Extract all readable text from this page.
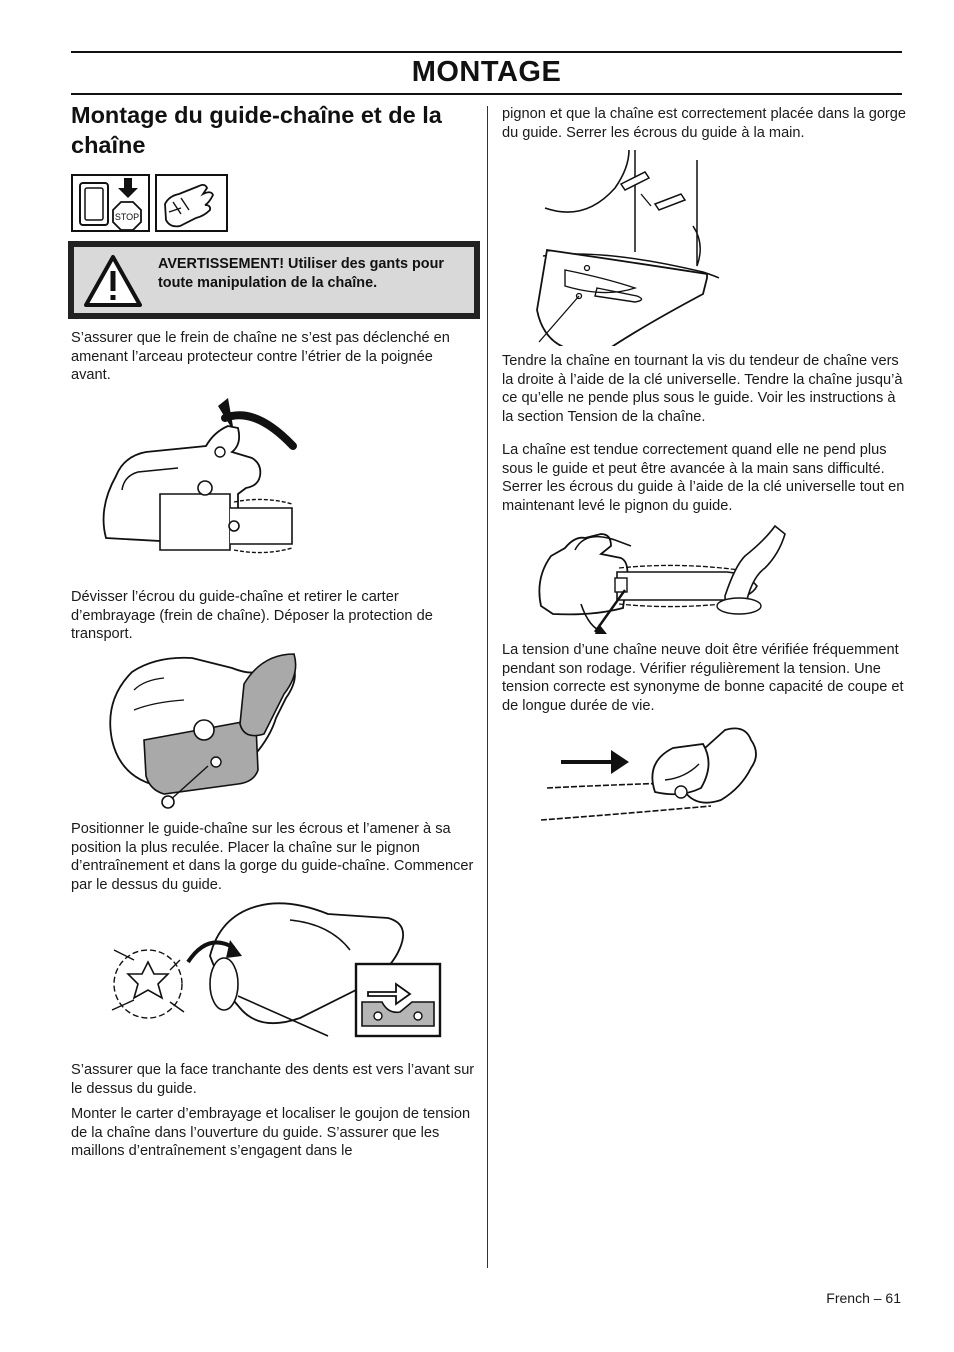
MONTAGE
Montage du guide-chaîne et de la chaîne
STOP
AVERTISSEMENT! Utiliser des gants pour toute manipulation de la chaîne.

S’assurer que le frein de chaîne ne s’est pas déclenché en amenant l’arceau protecteur contre l’étrier de la poignée avant.

Dévisser l’écrou du guide-chaîne et retirer le carter d’embrayage (frein de chaîne). Déposer la protection de transport.

Positionner le guide-chaîne sur les écrous et l’amener à sa position la plus reculée. Placer la chaîne sur le pignon d’entraînement et dans la gorge du guide-chaîne. Commencer par le dessus du guide.

S’assurer que la face tranchante des dents est vers l’avant sur le dessus du guide.

Monter le carter d’embrayage et localiser le goujon de tension de la chaîne dans l’ouverture du guide. S’assurer que les maillons d’entraînement s’engagent dans le

pignon et que la chaîne est correctement placée dans la gorge du guide. Serrer les écrous du guide à la main.

Tendre la chaîne en tournant la vis du tendeur de chaîne vers la droite à l’aide de la clé universelle. Tendre la chaîne jusqu’à ce qu’elle ne pende plus sous le guide. Voir les instructions à la section Tension de la chaîne.

La chaîne est tendue correctement quand elle ne pend plus sous le guide et peut être avancée à la main sans difficulté. Serrer les écrous du guide à l’aide de la clé universelle tout en maintenant levé le pignon du guide.

La tension d’une chaîne neuve doit être vérifiée fréquemment pendant son rodage. Vérifier régulièrement la tension. Une tension correcte est synonyme de bonne capacité de coupe et de longue durée de vie.

French – 61
